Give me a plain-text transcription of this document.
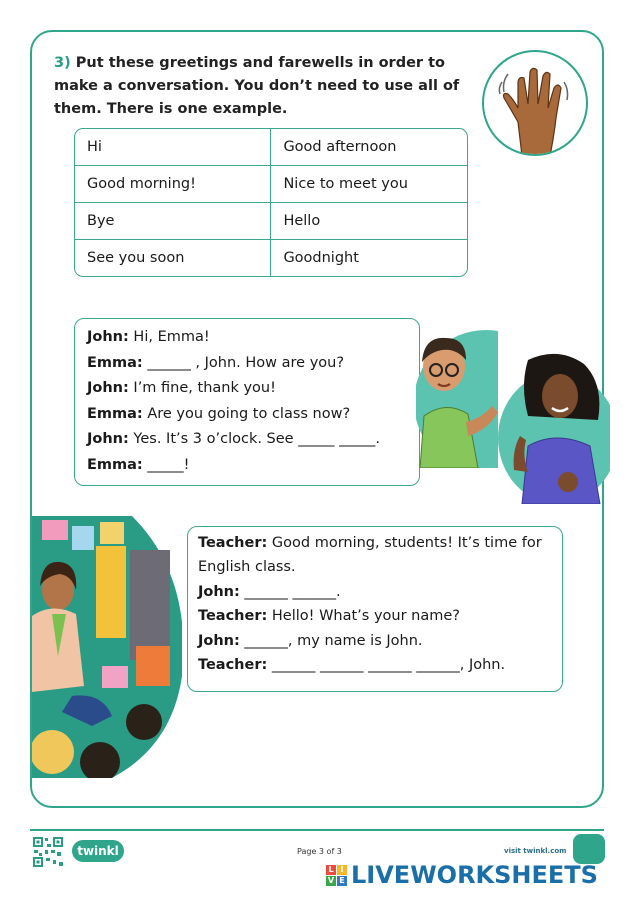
3) Put these greetings and farewells in order to make a conversation. You don’t need to use all of them. There is one example.
Hi	Good afternoon
Good morning!	Nice to meet you
Bye	Hello
See you soon	Goodnight
John: Hi, Emma!
Emma: ______ , John. How are you?
John: I’m fine, thank you!
Emma: Are you going to class now?
John: Yes. It’s 3 o’clock. See _____ _____.
Emma: _____!
Teacher: Good morning, students! It’s time for English class.
John: ______ ______.
Teacher: Hello! What’s your name?
John: ______, my name is John.
Teacher: ______ ______ ______ ______, John.
twinkl	Page 3 of 3	visit twinkl.com
L I
V E LIVEWORKSHEETS
